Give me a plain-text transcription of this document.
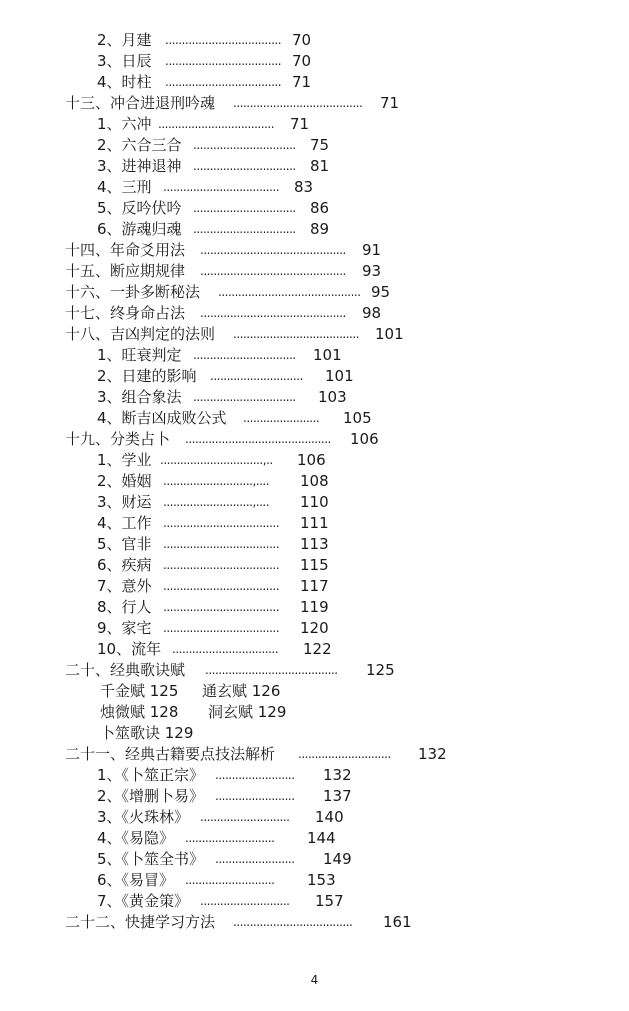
2、月建 ................................... 70
3、日辰 ................................... 70
4、时柱 ................................... 71
十三、冲合进退刑吟魂 ....................................... 71
1、六冲 ................................... 71
2、六合三合 ............................... 75
3、进神退神 ............................... 81
4、三刑 ................................... 83
5、反吟伏吟 ............................... 86
6、游魂归魂 ............................... 89
十四、年命爻用法 ............................................ 91
十五、断应期规律 ............................................ 93
十六、一卦多断秘法 ........................................... 95
十七、终身命占法 ............................................ 98
十八、吉凶判定的法则 ...................................... 101
1、旺衰判定 ............................... 101
2、日建的影响 ............................ 101
3、组合象法 ............................... 103
4、断吉凶成败公式 ....................... 105
十九、分类占卜 ............................................ 106
1、学业 ...............................,.. 106
2、婚姻 ...........................,.... 108
3、财运 ...........................,.... 110
4、工作 ................................... 111
5、官非 ................................... 113
6、疾病 ................................... 115
7、意外 ................................... 117
8、行人 ................................... 119
9、家宅 ................................... 120
10、流年 ................................ 122
二十、经典歌诀赋 ........................................ 125
千金赋 125 通玄赋 126
烛微赋 128 洞玄赋 129
卜筮歌诀 129
二十一、经典古籍要点技法解析 ............................ 132
1、《卜筮正宗》 ........................ 132
2、《增删卜易》 ........................ 137
3、《火珠林》 ........................... 140
4、《易隐》 ........................... 144
5、《卜筮全书》 ........................ 149
6、《易冒》 ........................... 153
7、《黄金策》 ........................... 157
二十二、快捷学习方法 .................................... 161
4
